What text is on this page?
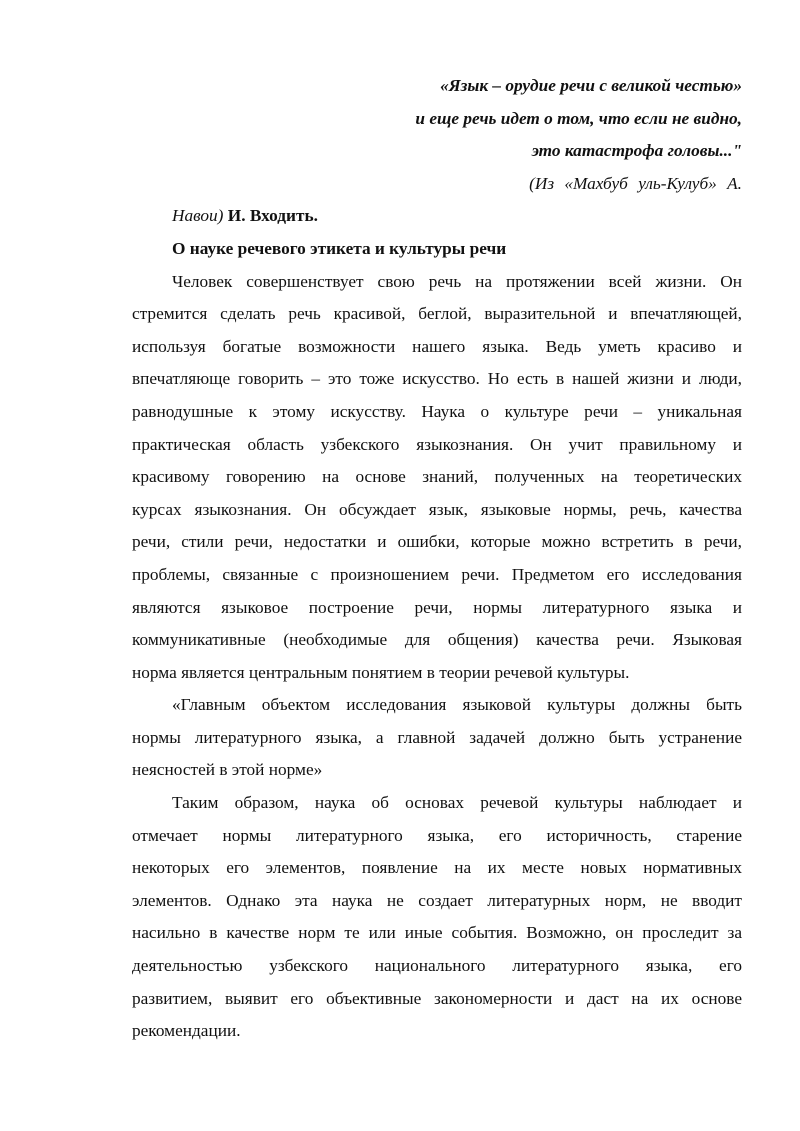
«Язык – орудие речи с великой честью»
и еще речь идет о том, что если не видно,
это катастрофа головы..."
(Из «Махбуб уль-Кулуб» А.
Навои) И. Входить.
О науке речевого этикета и культуры речи
Человек совершенствует свою речь на протяжении всей жизни. Он
стремится сделать речь красивой, беглой, выразительной и впечатляющей,
используя богатые возможности нашего языка. Ведь уметь красиво и
впечатляюще говорить – это тоже искусство. Но есть в нашей жизни и люди,
равнодушные к этому искусству. Наука о культуре речи – уникальная
практическая область узбекского языкознания. Он учит правильному и
красивому говорению на основе знаний, полученных на теоретических
курсах языкознания. Он обсуждает язык, языковые нормы, речь, качества
речи, стили речи, недостатки и ошибки, которые можно встретить в речи,
проблемы, связанные с произношением речи. Предметом его исследования
являются языковое построение речи, нормы литературного языка и
коммуникативные (необходимые для общения) качества речи. Языковая
норма является центральным понятием в теории речевой культуры.
«Главным объектом исследования языковой культуры должны быть
нормы литературного языка, а главной задачей должно быть устранение
неясностей в этой норме»
Таким образом, наука об основах речевой культуры наблюдает и
отмечает нормы литературного языка, его историчность, старение
некоторых его элементов, появление на их месте новых нормативных
элементов. Однако эта наука не создает литературных норм, не вводит
насильно в качестве норм те или иные события. Возможно, он проследит за
деятельностью узбекского национального литературного языка, его
развитием, выявит его объективные закономерности и даст на их основе
рекомендации.
